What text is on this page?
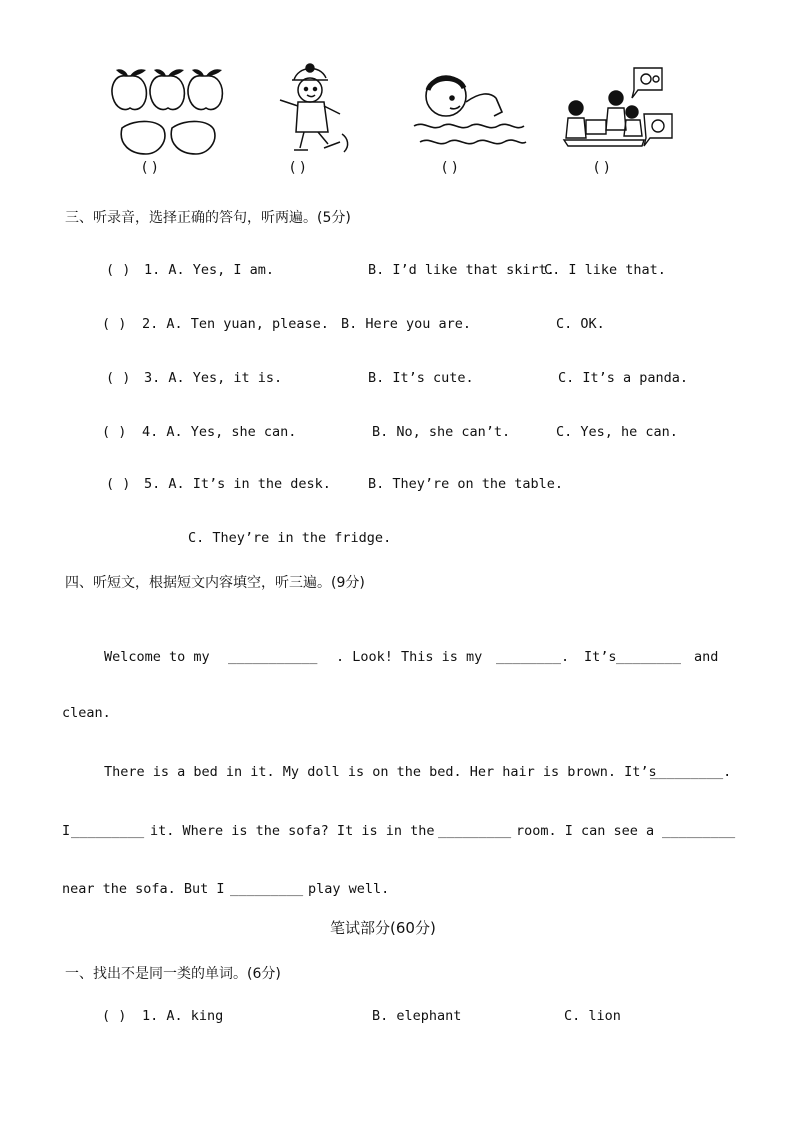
( )	( )	( )	( )
三、听录音，选择正确的答句，听两遍。(5分)
( ) 1. A. Yes, I am.	B. I’d like that skirt.
C. I like that.
( ) 2. A. Ten yuan, please. B. Here you are.	C. OK.
( ) 3. A. Yes, it is.	B. It’s cute.	C. It’s a panda.
( ) 4. A. Yes, she can.	B. No, she can’t.	C. Yes, he can.
( ) 5. A. It’s in the desk.	B. They’re on the table.
C. They’re in the fridge.
四、听短文，根据短文内容填空，听三遍。(9分)
Welcome to my ___________ . Look! This is my ________. It’s ________ and
clean.
There is a bed in it. My doll is on the bed. Her hair is brown. It’s
_________.
I _________ it. Where is the sofa? It is in the _________ room. I can see a _________
near the sofa. But I _________ play well.
笔试部分(60分)
一、找出不是同一类的单词。(6分)
( ) 1. A. king	B. elephant	C. lion
